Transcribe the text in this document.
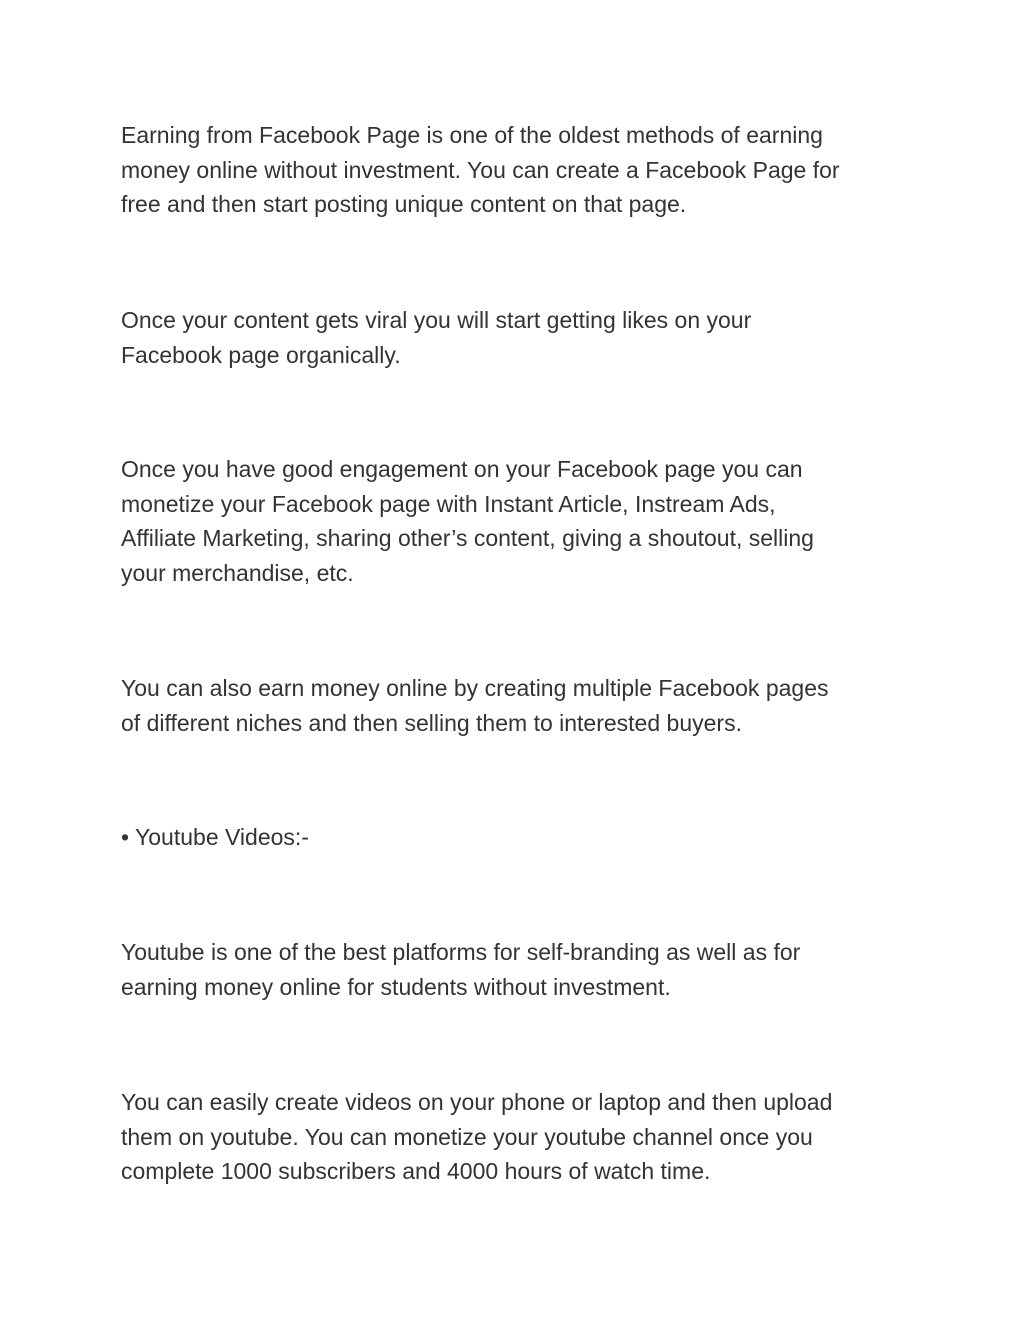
Earning from Facebook Page is one of the oldest methods of earning
money online without investment. You can create a Facebook Page for
free and then start posting unique content on that page.

Once your content gets viral you will start getting likes on your
Facebook page organically.

Once you have good engagement on your Facebook page you can
monetize your Facebook page with Instant Article, Instream Ads,
Affiliate Marketing, sharing other’s content, giving a shoutout, selling
your merchandise, etc.

You can also earn money online by creating multiple Facebook pages
of different niches and then selling them to interested buyers.

• Youtube Videos:-

Youtube is one of the best platforms for self-branding as well as for
earning money online for students without investment.

You can easily create videos on your phone or laptop and then upload
them on youtube. You can monetize your youtube channel once you
complete 1000 subscribers and 4000 hours of watch time.
